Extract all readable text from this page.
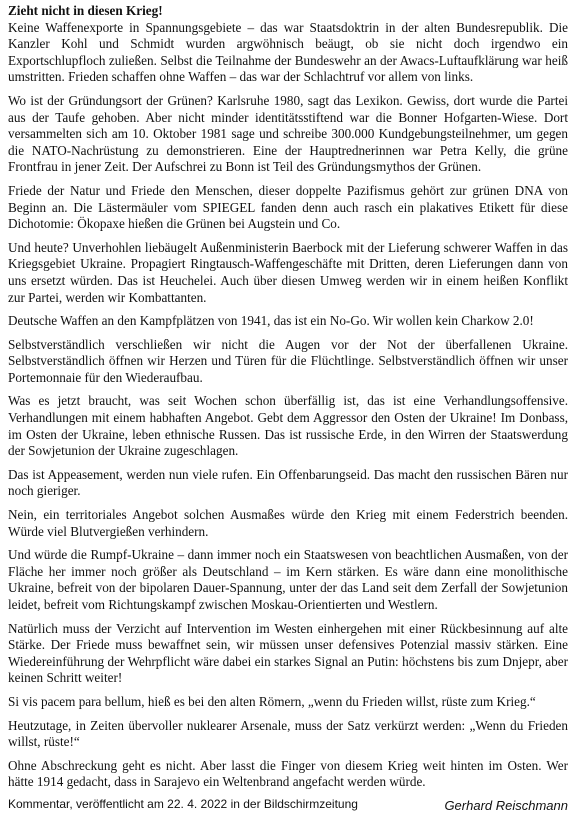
Zieht nicht in diesen Krieg!

Keine Waffenexporte in Spannungsgebiete – das war Staatsdoktrin in der alten Bundesrepublik. Die Kanzler Kohl und Schmidt wurden argwöhnisch beäugt, ob sie nicht doch irgendwo ein Exportschlupfloch zuließen. Selbst die Teilnahme der Bundeswehr an der Awacs-Luftaufklärung war heiß umstritten. Frieden schaffen ohne Waffen – das war der Schlachtruf vor allem von links.

Wo ist der Gründungsort der Grünen? Karlsruhe 1980, sagt das Lexikon. Gewiss, dort wurde die Partei aus der Taufe gehoben. Aber nicht minder identitätsstiftend war die Bonner Hofgarten-Wiese. Dort versammelten sich am 10. Oktober 1981 sage und schreibe 300.000 Kundgebungsteilnehmer, um gegen die NATO-Nachrüstung zu demonstrieren. Eine der Hauptrednerinnen war Petra Kelly, die grüne Frontfrau in jener Zeit. Der Aufschrei zu Bonn ist Teil des Gründungsmythos der Grünen.

Friede der Natur und Friede den Menschen, dieser doppelte Pazifismus gehört zur grünen DNA von Beginn an. Die Lästermäuler vom SPIEGEL fanden denn auch rasch ein plakatives Etikett für diese Dichotomie: Ökopaxe hießen die Grünen bei Augstein und Co.

Und heute? Unverhohlen liebäugelt Außenministerin Baerbock mit der Lieferung schwerer Waffen in das Kriegsgebiet Ukraine. Propagiert Ringtausch-Waffengeschäfte mit Dritten, deren Lieferungen dann von uns ersetzt würden. Das ist Heuchelei. Auch über diesen Umweg werden wir in einem heißen Konflikt zur Partei, werden wir Kombattanten.

Deutsche Waffen an den Kampfplätzen von 1941, das ist ein No-Go. Wir wollen kein Charkow 2.0!

Selbstverständlich verschließen wir nicht die Augen vor der Not der überfallenen Ukraine. Selbstverständlich öffnen wir Herzen und Türen für die Flüchtlinge. Selbstverständlich öffnen wir unser Portemonnaie für den Wiederaufbau.

Was es jetzt braucht, was seit Wochen schon überfällig ist, das ist eine Verhandlungsoffensive. Verhandlungen mit einem habhaften Angebot. Gebt dem Aggressor den Osten der Ukraine! Im Donbass, im Osten der Ukraine, leben ethnische Russen. Das ist russische Erde, in den Wirren der Staatswerdung der Sowjetunion der Ukraine zugeschlagen.

Das ist Appeasement, werden nun viele rufen. Ein Offenbarungseid. Das macht den russischen Bären nur noch gieriger.

Nein, ein territoriales Angebot solchen Ausmaßes würde den Krieg mit einem Federstrich beenden. Würde viel Blutvergießen verhindern.

Und würde die Rumpf-Ukraine – dann immer noch ein Staatswesen von beachtlichen Ausmaßen, von der Fläche her immer noch größer als Deutschland – im Kern stärken. Es wäre dann eine monolithische Ukraine, befreit von der bipolaren Dauer-Spannung, unter der das Land seit dem Zerfall der Sowjetunion leidet, befreit vom Richtungskampf zwischen Moskau-Orientierten und Westlern.

Natürlich muss der Verzicht auf Intervention im Westen einhergehen mit einer Rückbesinnung auf alte Stärke. Der Friede muss bewaffnet sein, wir müssen unser defensives Potenzial massiv stärken. Eine Wiedereinführung der Wehrpflicht wäre dabei ein starkes Signal an Putin: höchstens bis zum Dnjepr, aber keinen Schritt weiter!

Si vis pacem para bellum, hieß es bei den alten Römern, „wenn du Frieden willst, rüste zum Krieg.“

Heutzutage, in Zeiten übervoller nuklearer Arsenale, muss der Satz verkürzt werden: „Wenn du Frieden willst, rüste!“

Ohne Abschreckung geht es nicht. Aber lasst die Finger von diesem Krieg weit hinten im Osten. Wer hätte 1914 gedacht, dass in Sarajevo ein Weltenbrand angefacht werden würde.

Gerhard Reischmann

Kommentar, veröffentlicht am 22. 4. 2022 in der Bildschirmzeitung
